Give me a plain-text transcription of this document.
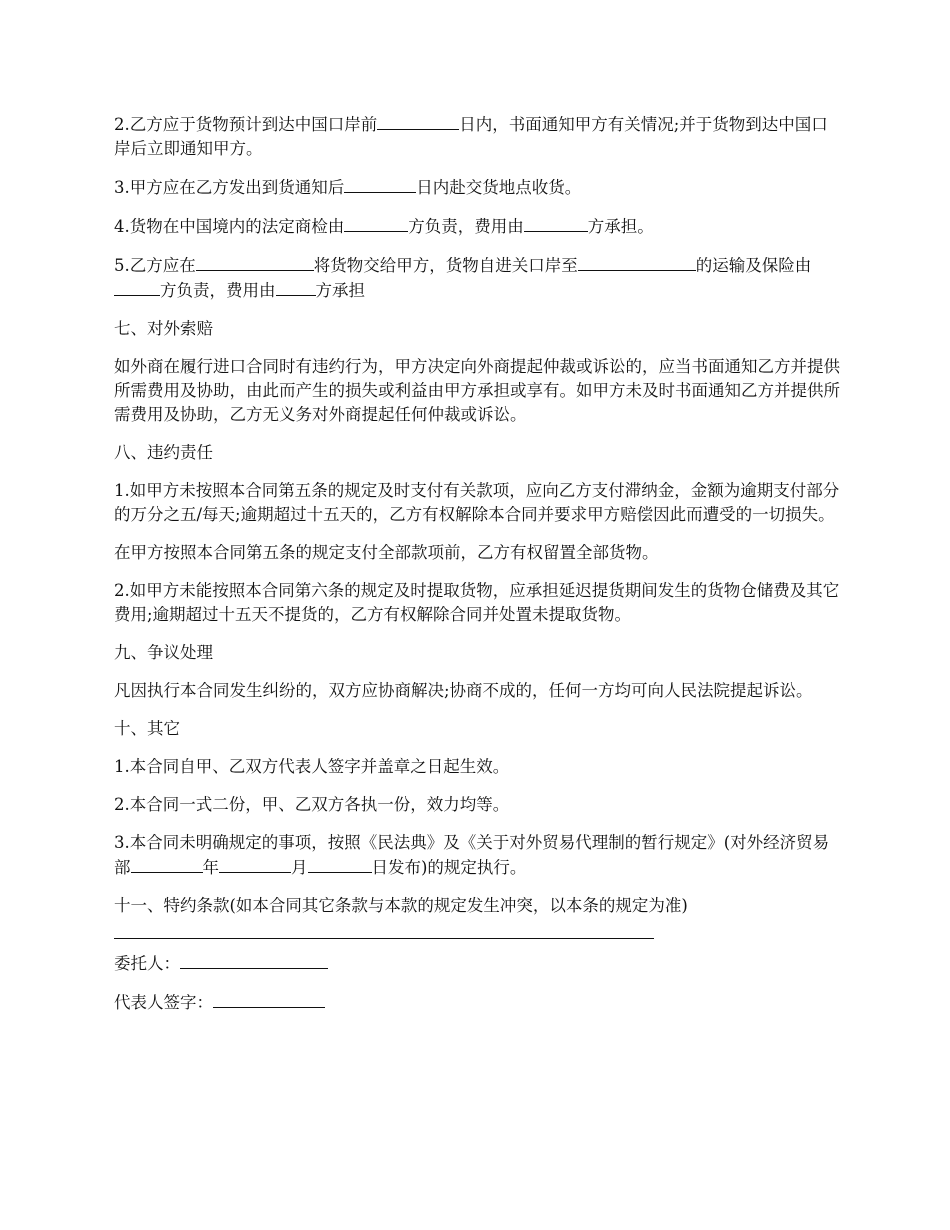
2.乙方应于货物预计到达中国口岸前	日内，书面通知甲方有关情况;并于货物到达中国口岸后立即通知甲方。

3.甲方应在乙方发出到货通知后	日内赴交货地点收货。

4.货物在中国境内的法定商检由	方负责，费用由	方承担。

5.乙方应在	将货物交给甲方，货物自进关口岸至	的运输及保险由方负责，费用由 方承担

七、对外索赔

如外商在履行进口合同时有违约行为，甲方决定向外商提起仲裁或诉讼的，应当书面通知乙方并提供所需费用及协助，由此而产生的损失或利益由甲方承担或享有。如甲方未及时书面通知乙方并提供所需费用及协助，乙方无义务对外商提起任何仲裁或诉讼。

八、违约责任

1.如甲方未按照本合同第五条的规定及时支付有关款项，应向乙方支付滞纳金，金额为逾期支付部分的万分之五/每天;逾期超过十五天的，乙方有权解除本合同并要求甲方赔偿因此而遭受的一切损失。

在甲方按照本合同第五条的规定支付全部款项前，乙方有权留置全部货物。

2.如甲方未能按照本合同第六条的规定及时提取货物，应承担延迟提货期间发生的货物仓储费及其它费用;逾期超过十五天不提货的，乙方有权解除合同并处置未提取货物。

九、争议处理

凡因执行本合同发生纠纷的，双方应协商解决;协商不成的，任何一方均可向人民法院提起诉讼。

十、其它

1.本合同自甲、乙双方代表人签字并盖章之日起生效。

2.本合同一式二份，甲、乙双方各执一份，效力均等。

3.本合同未明确规定的事项，按照《民法典》及《关于对外贸易代理制的暂行规定》(对外经济贸易部	年	月	日发布)的规定执行。

十一、特约条款(如本合同其它条款与本款的规定发生冲突，以本条的规定为准)

委托人：

代表人签字：
